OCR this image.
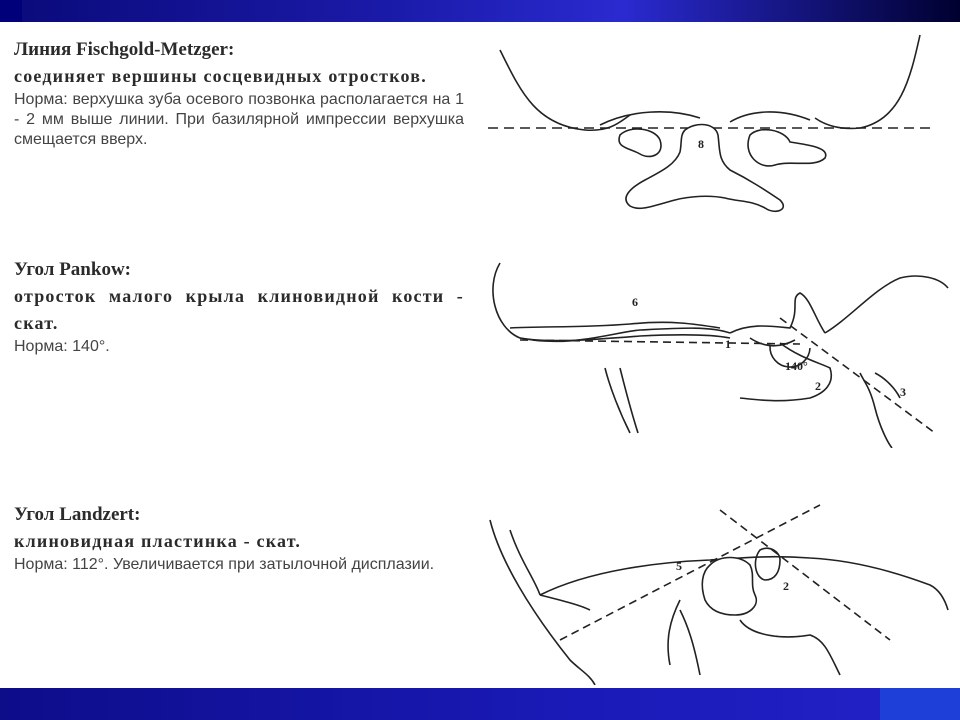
Линия Fischgold-Metzger:

соединяет вершины сосцевидных отростков.

Норма: верхушка зуба осевого позвонка располагается на 1 - 2 мм выше линии. При базилярной импрессии верхушка смещается вверх.

Угол Pankow:

отросток малого крыла клиновидной кости - скат.

Норма: 140°.

Угол Landzert:

клиновидная пластинка - скат.

Норма: 112°. Увеличивается при затылочной дисплазии.

8
6
1
140°
2	3
5
2
